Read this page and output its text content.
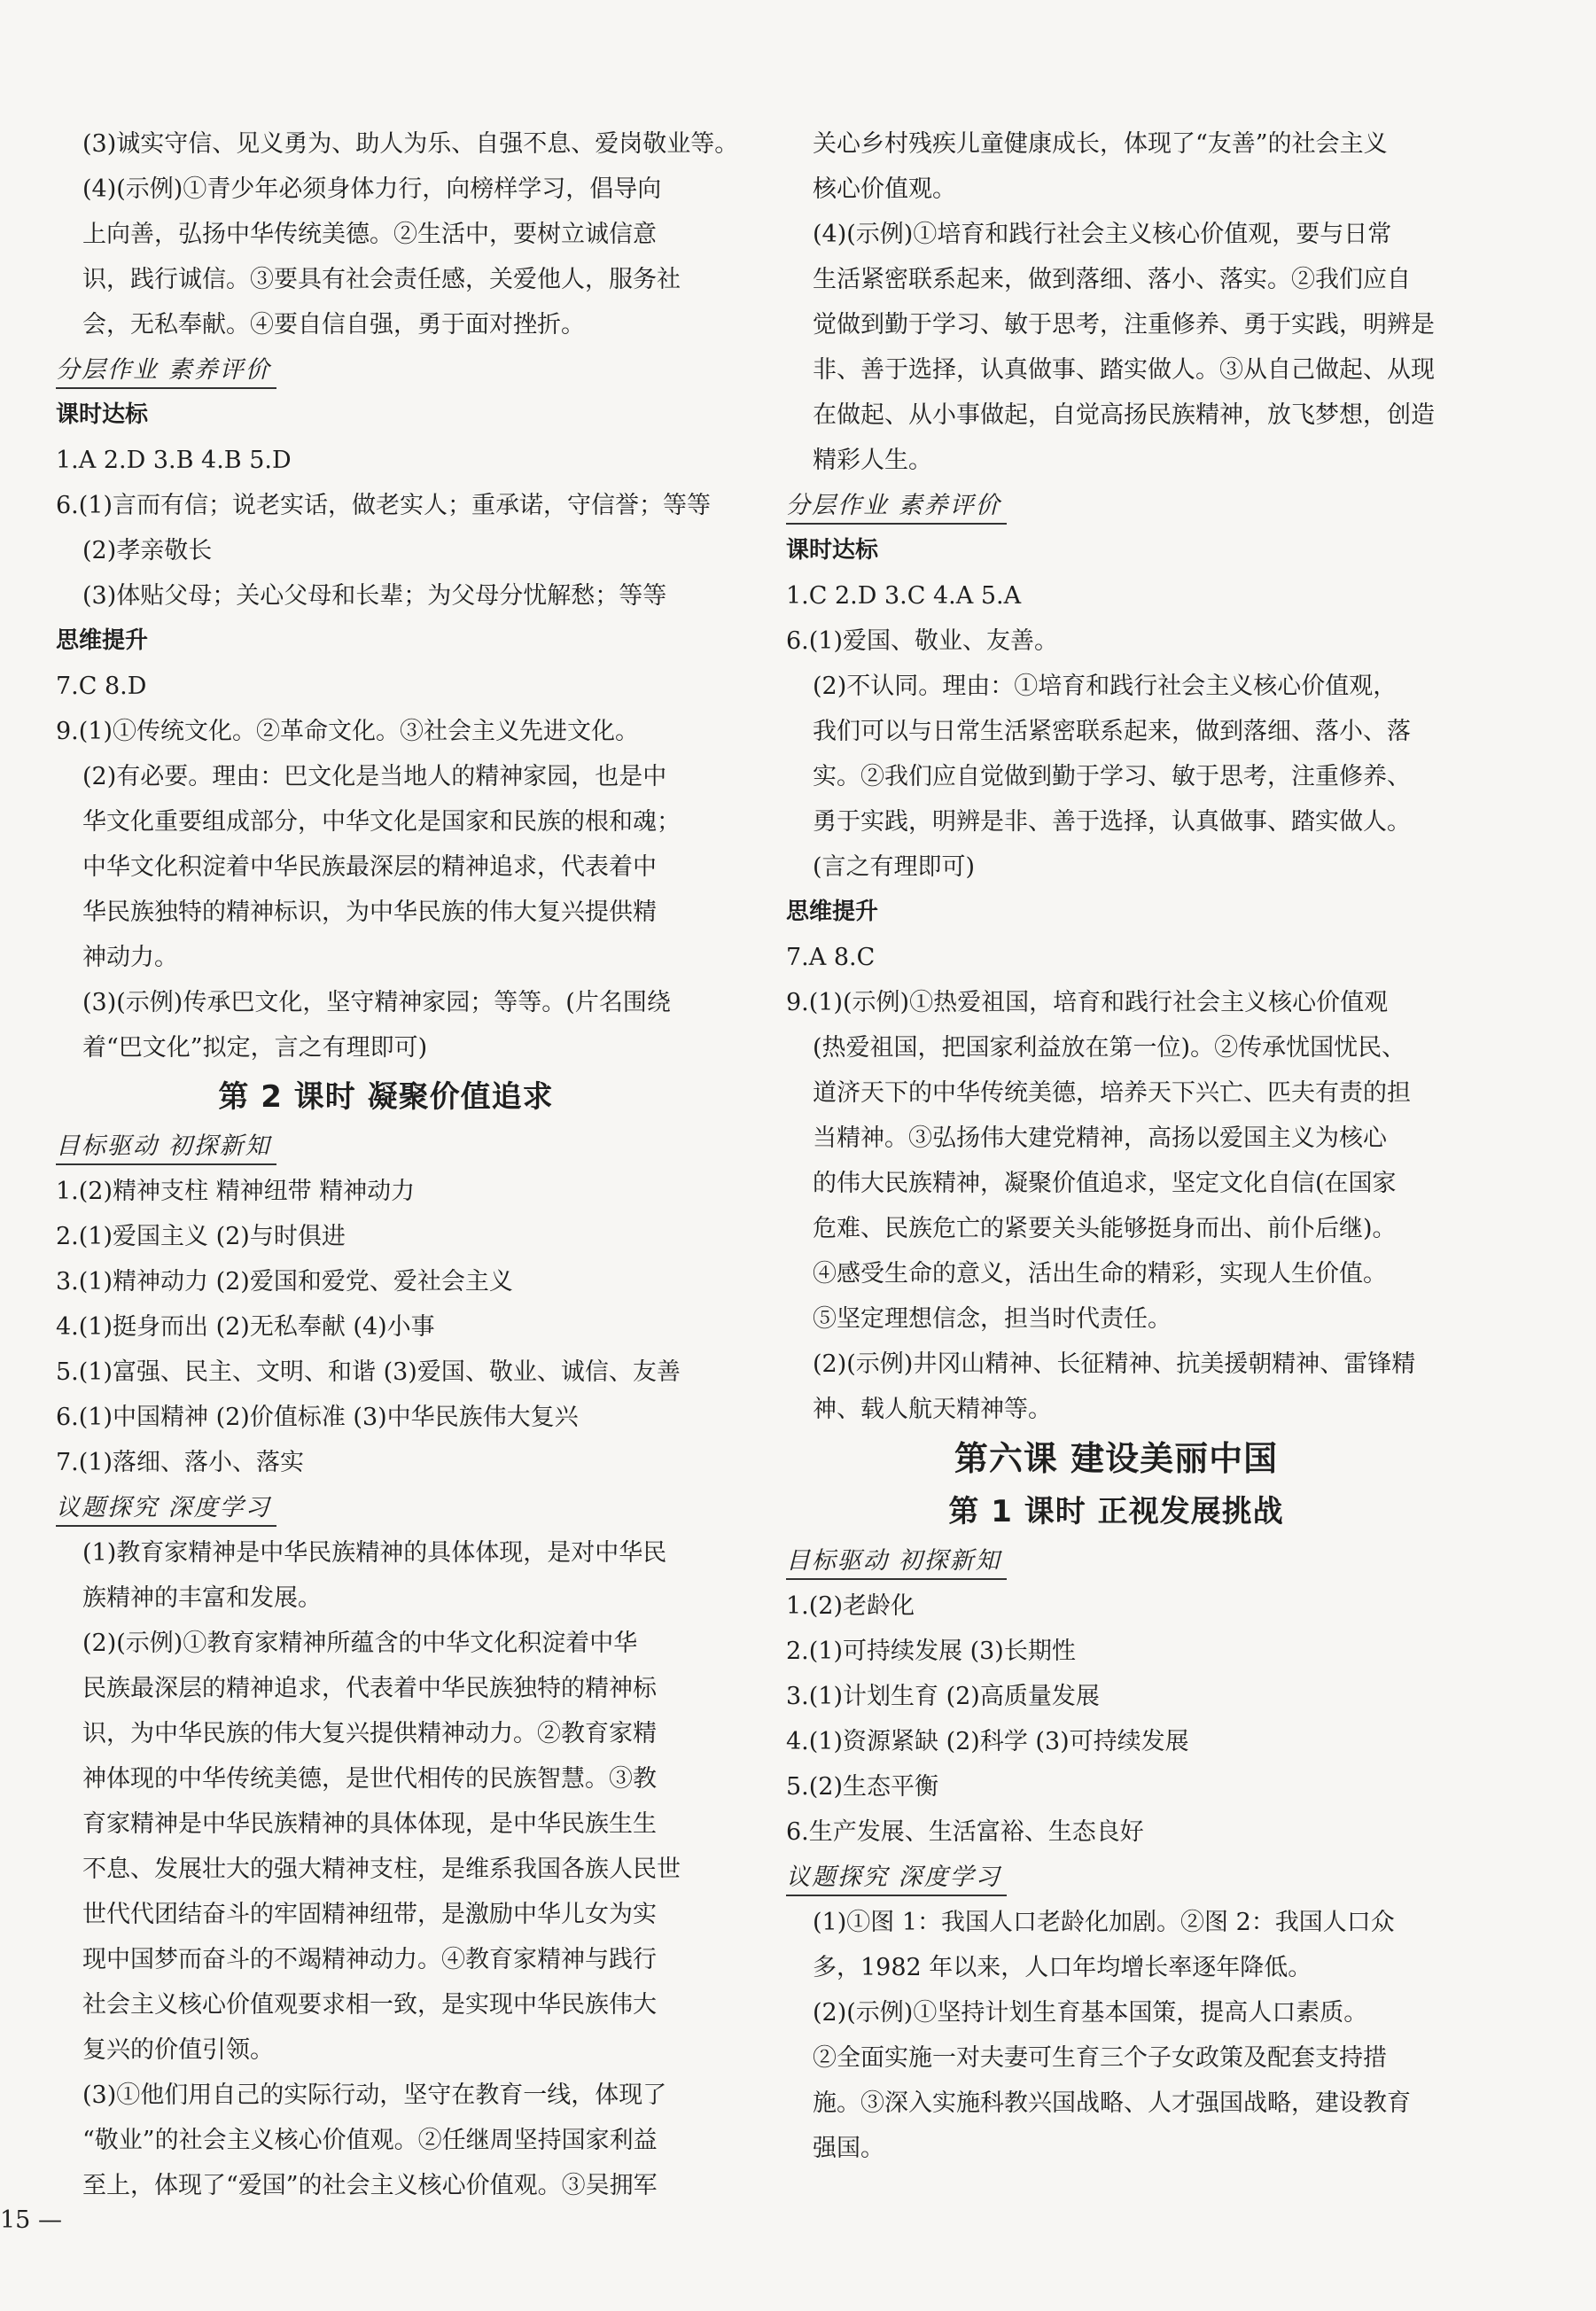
(3)诚实守信、见义勇为、助人为乐、自强不息、爱岗敬业等。
(4)(示例)①青少年必须身体力行，向榜样学习，倡导向
上向善，弘扬中华传统美德。②生活中，要树立诚信意
识，践行诚信。③要具有社会责任感，关爱他人，服务社
会，无私奉献。④要自信自强，勇于面对挫折。
分层作业 素养评价
课时达标
1.A 2.D 3.B 4.B 5.D
6.(1)言而有信；说老实话，做老实人；重承诺，守信誉；等等
(2)孝亲敬长
(3)体贴父母；关心父母和长辈；为父母分忧解愁；等等
思维提升
7.C 8.D
9.(1)①传统文化。②革命文化。③社会主义先进文化。
(2)有必要。理由：巴文化是当地人的精神家园，也是中
华文化重要组成部分，中华文化是国家和民族的根和魂；
中华文化积淀着中华民族最深层的精神追求，代表着中
华民族独特的精神标识，为中华民族的伟大复兴提供精
神动力。
(3)(示例)传承巴文化，坚守精神家园；等等。(片名围绕
着“巴文化”拟定，言之有理即可)
第 2 课时 凝聚价值追求
目标驱动 初探新知
1.(2)精神支柱 精神纽带 精神动力
2.(1)爱国主义 (2)与时俱进
3.(1)精神动力 (2)爱国和爱党、爱社会主义
4.(1)挺身而出 (2)无私奉献 (4)小事
5.(1)富强、民主、文明、和谐 (3)爱国、敬业、诚信、友善
6.(1)中国精神 (2)价值标准 (3)中华民族伟大复兴
7.(1)落细、落小、落实
议题探究 深度学习
(1)教育家精神是中华民族精神的具体体现，是对中华民
族精神的丰富和发展。
(2)(示例)①教育家精神所蕴含的中华文化积淀着中华
民族最深层的精神追求，代表着中华民族独特的精神标
识，为中华民族的伟大复兴提供精神动力。②教育家精
神体现的中华传统美德，是世代相传的民族智慧。③教
育家精神是中华民族精神的具体体现，是中华民族生生
不息、发展壮大的强大精神支柱，是维系我国各族人民世
世代代团结奋斗的牢固精神纽带，是激励中华儿女为实
现中国梦而奋斗的不竭精神动力。④教育家精神与践行
社会主义核心价值观要求相一致，是实现中华民族伟大
复兴的价值引领。
(3)①他们用自己的实际行动，坚守在教育一线，体现了
“敬业”的社会主义核心价值观。②任继周坚持国家利益
至上，体现了“爱国”的社会主义核心价值观。③吴拥军
关心乡村残疾儿童健康成长，体现了“友善”的社会主义
核心价值观。
(4)(示例)①培育和践行社会主义核心价值观，要与日常
生活紧密联系起来，做到落细、落小、落实。②我们应自
觉做到勤于学习、敏于思考，注重修养、勇于实践，明辨是
非、善于选择，认真做事、踏实做人。③从自己做起、从现
在做起、从小事做起，自觉高扬民族精神，放飞梦想，创造
精彩人生。
分层作业 素养评价
课时达标
1.C 2.D 3.C 4.A 5.A
6.(1)爱国、敬业、友善。
(2)不认同。理由：①培育和践行社会主义核心价值观，
我们可以与日常生活紧密联系起来，做到落细、落小、落
实。②我们应自觉做到勤于学习、敏于思考，注重修养、
勇于实践，明辨是非、善于选择，认真做事、踏实做人。
(言之有理即可)
思维提升
7.A 8.C
9.(1)(示例)①热爱祖国，培育和践行社会主义核心价值观
(热爱祖国，把国家利益放在第一位)。②传承忧国忧民、
道济天下的中华传统美德，培养天下兴亡、匹夫有责的担
当精神。③弘扬伟大建党精神，高扬以爱国主义为核心
的伟大民族精神，凝聚价值追求，坚定文化自信(在国家
危难、民族危亡的紧要关头能够挺身而出、前仆后继)。
④感受生命的意义，活出生命的精彩，实现人生价值。
⑤坚定理想信念，担当时代责任。
(2)(示例)井冈山精神、长征精神、抗美援朝精神、雷锋精
神、载人航天精神等。
第六课 建设美丽中国
第 1 课时 正视发展挑战
目标驱动 初探新知
1.(2)老龄化
2.(1)可持续发展 (3)长期性
3.(1)计划生育 (2)高质量发展
4.(1)资源紧缺 (2)科学 (3)可持续发展
5.(2)生态平衡
6.生产发展、生活富裕、生态良好
议题探究 深度学习
(1)①图 1：我国人口老龄化加剧。②图 2：我国人口众
多，1982 年以来，人口年均增长率逐年降低。
(2)(示例)①坚持计划生育基本国策，提高人口素质。
②全面实施一对夫妻可生育三个子女政策及配套支持措
施。③深入实施科教兴国战略、人才强国战略，建设教育
强国。
15 —
